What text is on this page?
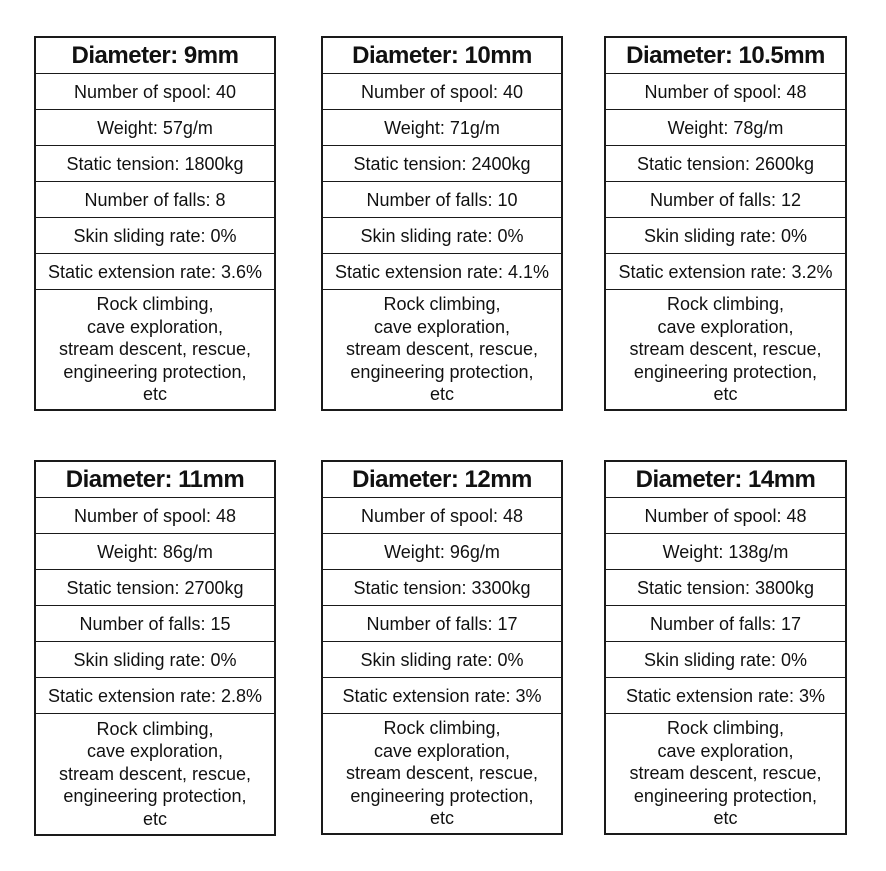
Diameter: 9mm
Number of spool: 40
Weight: 57g/m
Static tension: 1800kg
Number of falls: 8
Skin sliding rate: 0%
Static extension rate: 3.6%
Rock climbing,
cave exploration,
stream descent, rescue,
engineering protection,
etc
Diameter: 10mm
Number of spool: 40
Weight: 71g/m
Static tension: 2400kg
Number of falls: 10
Skin sliding rate: 0%
Static extension rate: 4.1%
Rock climbing,
cave exploration,
stream descent, rescue,
engineering protection,
etc
Diameter: 10.5mm
Number of spool: 48
Weight: 78g/m
Static tension: 2600kg
Number of falls: 12
Skin sliding rate: 0%
Static extension rate: 3.2%
Rock climbing,
cave exploration,
stream descent, rescue,
engineering protection,
etc
Diameter: 11mm
Number of spool: 48
Weight: 86g/m
Static tension: 2700kg
Number of falls: 15
Skin sliding rate: 0%
Static extension rate: 2.8%
Rock climbing,
cave exploration,
stream descent, rescue,
engineering protection,
etc
Diameter: 12mm
Number of spool: 48
Weight: 96g/m
Static tension: 3300kg
Number of falls: 17
Skin sliding rate: 0%
Static extension rate: 3%
Rock climbing,
cave exploration,
stream descent, rescue,
engineering protection,
etc
Diameter: 14mm
Number of spool: 48
Weight: 138g/m
Static tension: 3800kg
Number of falls: 17
Skin sliding rate: 0%
Static extension rate: 3%
Rock climbing,
cave exploration,
stream descent, rescue,
engineering protection,
etc
